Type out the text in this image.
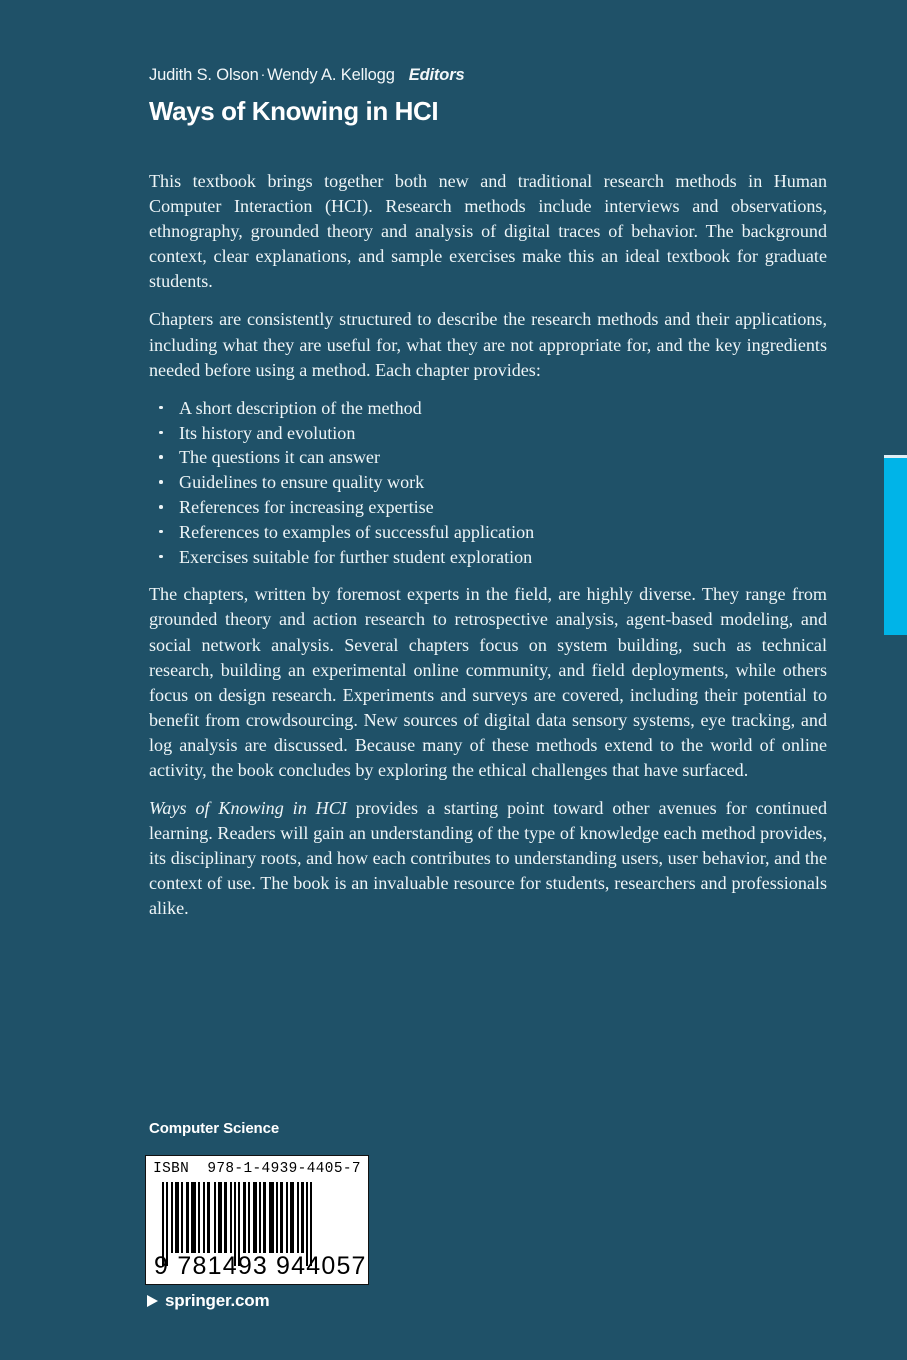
Judith S. Olson · Wendy A. Kellogg Editors
Ways of Knowing in HCI

This textbook brings together both new and traditional research methods in Human Computer Interaction (HCI). Research methods include interviews and observations, ethnography, grounded theory and analysis of digital traces of behavior. The background context, clear explanations, and sample exercises make this an ideal textbook for graduate students.

Chapters are consistently structured to describe the research methods and their applications, including what they are useful for, what they are not appropriate for, and the key ingredients needed before using a method. Each chapter provides:

A short description of the method
Its history and evolution
The questions it can answer
Guidelines to ensure quality work
References for increasing expertise
References to examples of successful application
Exercises suitable for further student exploration

The chapters, written by foremost experts in the field, are highly diverse. They range from grounded theory and action research to retrospective analysis, agent-based modeling, and social network analysis. Several chapters focus on system building, such as technical research, building an experimental online community, and field deployments, while others focus on design research. Experiments and surveys are covered, including their potential to benefit from crowdsourcing. New sources of digital data sensory systems, eye tracking, and log analysis are discussed. Because many of these methods extend to the world of online activity, the book concludes by exploring the ethical challenges that have surfaced.

Ways of Knowing in HCI provides a starting point toward other avenues for continued learning. Readers will gain an understanding of the type of knowledge each method provides, its disciplinary roots, and how each contributes to understanding users, user behavior, and the context of use. The book is an invaluable resource for students, researchers and professionals alike.

Computer Science
ISBN 978-1-4939-4405-7
9 781493 944057
springer.com
